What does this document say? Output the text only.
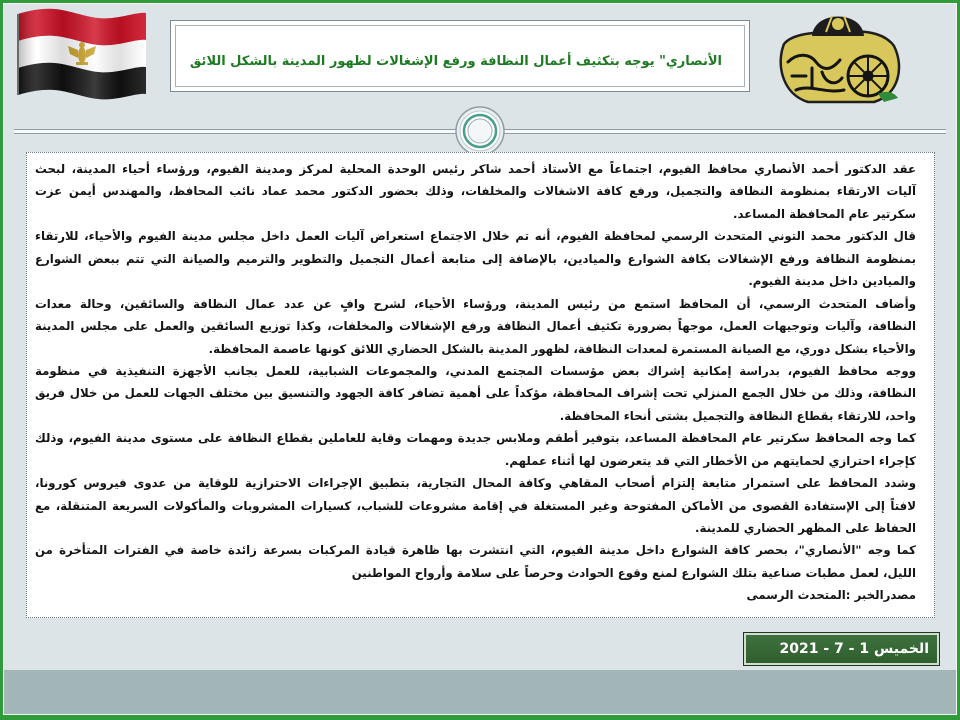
الأنصاري" يوجه بتكثيف أعمال النظافة ورفع الإشغالات لظهور المدينة بالشكل اللائق
عقد الدكتور أحمد الأنصاري محافظ الفيوم، اجتماعاً مع الأستاذ أحمد شاكر رئيس الوحدة المحلية لمركز ومدينة الفيوم، ورؤساء أحياء المدينة، لبحث
آليات الارتقاء بمنظومة النظافة والتجميل، ورفع كافة الاشغالات والمخلفات، وذلك بحضور الدكتور محمد عماد نائب المحافظ، والمهندس أيمن عزت
سكرتير عام المحافظة المساعد.
قال الدكتور محمد التوني المتحدث الرسمي لمحافظة الفيوم، أنه تم خلال الاجتماع استعراض آليات العمل داخل مجلس مدينة الفيوم والأحياء، للارتقاء
بمنظومة النظافة ورفع الإشغالات بكافة الشوارع والميادين، بالإضافة إلى متابعة أعمال التجميل والتطوير والترميم والصيانة التي تتم ببعض الشوارع
والميادين داخل مدينة الفيوم.
وأضاف المتحدث الرسمي، أن المحافظ استمع من رئيس المدينة، ورؤساء الأحياء، لشرح وافٍ عن عدد عمال النظافة والسائقين، وحالة معدات
النظافة، وآليات وتوجيهات العمل، موجهاً بضرورة تكثيف أعمال النظافة ورفع الإشغالات والمخلفات، وكذا توزيع السائقين والعمل على مجلس المدينة
والأحياء بشكل دوري، مع الصيانة المستمرة لمعدات النظافة، لظهور المدينة بالشكل الحضاري اللائق كونها عاصمة المحافظة.
ووجه محافظ الفيوم، بدراسة إمكانية إشراك بعض مؤسسات المجتمع المدني، والمجموعات الشبابية، للعمل بجانب الأجهزة التنفيذية في منظومة
النظافة، وذلك من خلال الجمع المنزلي تحت إشراف المحافظة، مؤكداً على أهمية تضافر كافة الجهود والتنسيق بين مختلف الجهات للعمل من خلال فريق
واحد، للارتقاء بقطاع النظافة والتجميل بشتى أنحاء المحافظة.
كما وجه المحافظ سكرتير عام المحافظة المساعد، بتوفير أطقم وملابس جديدة ومهمات وقاية للعاملين بقطاع النظافة على مستوى مدينة الفيوم، وذلك
كإجراء احترازي لحمايتهم من الأخطار التي قد يتعرضون لها أثناء عملهم.
وشدد المحافظ على استمرار متابعة إلتزام أصحاب المقاهي وكافة المحال التجارية، بتطبيق الإجراءات الاحترازية للوقاية من عدوى فيروس كورونا،
لافتاً إلى الإستفادة القصوى من الأماكن المفتوحة وغير المستغلة في إقامة مشروعات للشباب، كسيارات المشروبات والمأكولات السريعة المتنقلة، مع
الحفاظ على المظهر الحضاري للمدينة.
كما وجه "الأنصاري"، بحصر كافة الشوارع داخل مدينة الفيوم، التي انتشرت بها ظاهرة قيادة المركبات بسرعة زائدة خاصة في الفترات المتأخرة من
الليل، لعمل مطبات صناعية بتلك الشوارع لمنع وقوع الحوادث وحرصاً على سلامة وأرواح المواطنين
مصدرالخبر :المتحدث الرسمى
الخميس 1 - 7 - 2021
